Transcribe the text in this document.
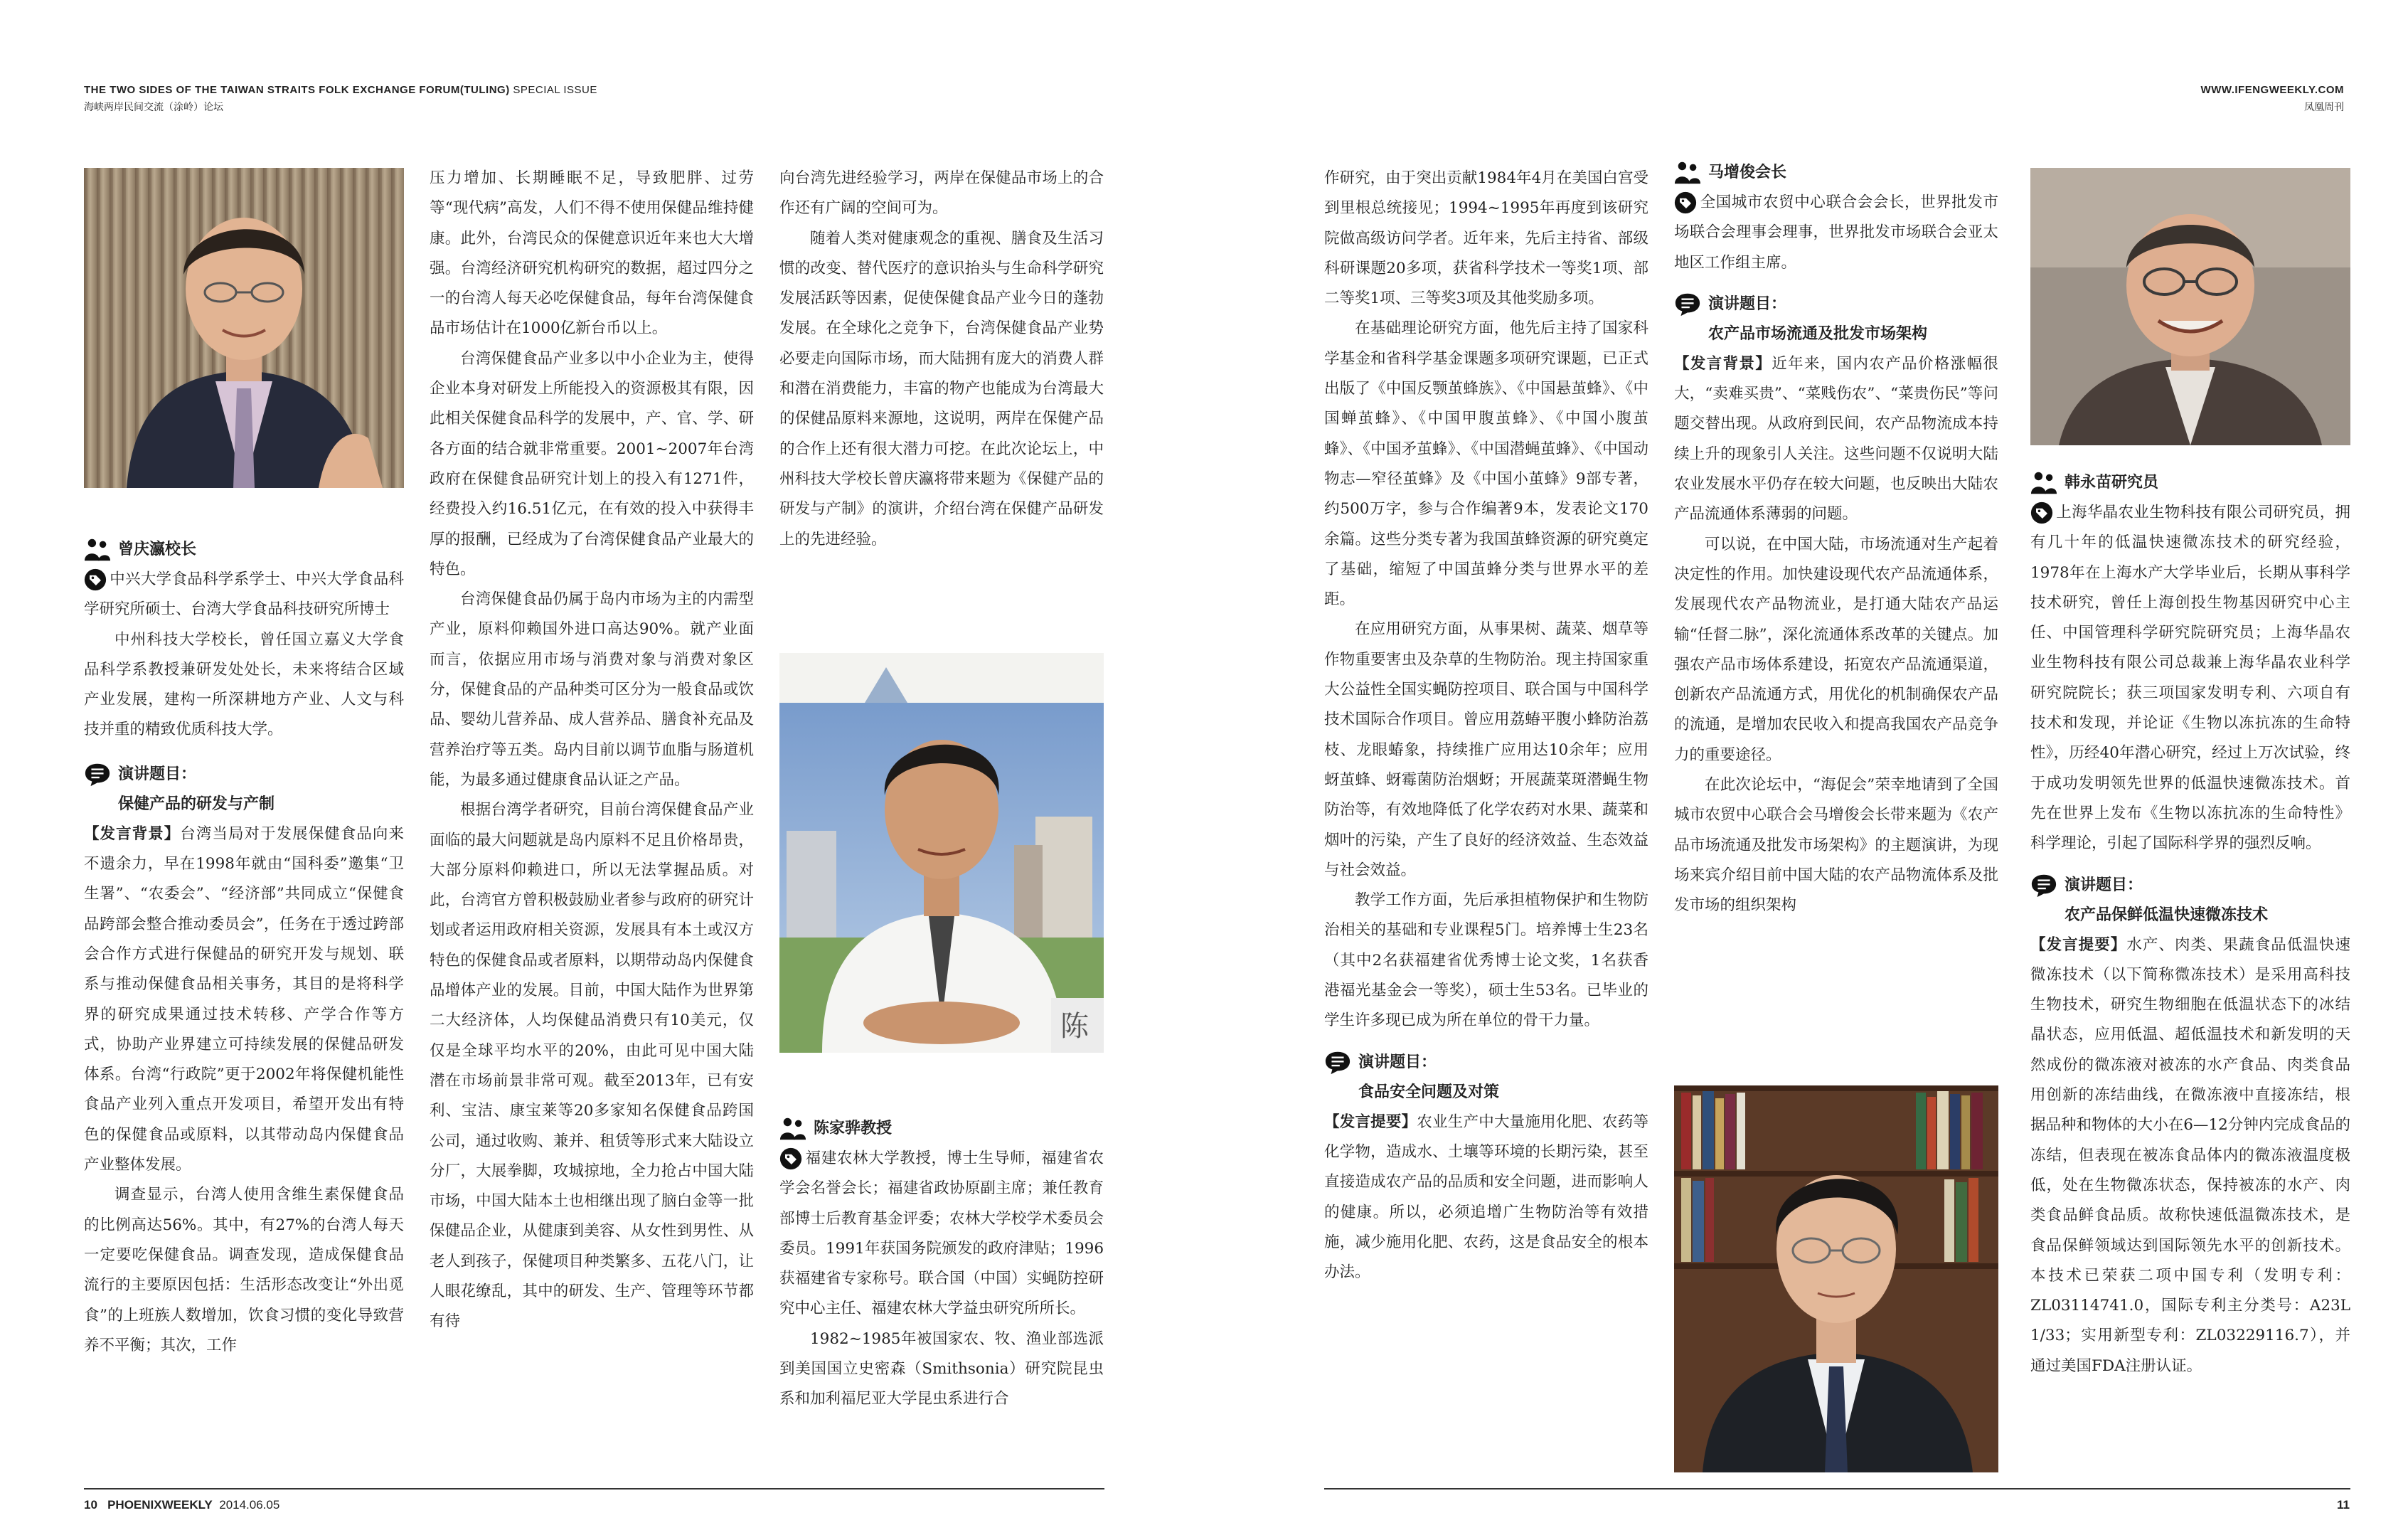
THE TWO SIDES OF THE TAIWAN STRAITS FOLK EXCHANGE FORUM(TULING) SPECIAL ISSUE
海峡两岸民间交流（涂岭）论坛
WWW.IFENGWEEKLY.COM
凤凰周刊
曾庆瀛校长

中兴大学食品科学系学士、中兴大学食品科学研究所硕士、台湾大学食品科技研究所博士

中州科技大学校长，曾任国立嘉义大学食品科学系教授兼研发处处长，未来将结合区域产业发展，建构一所深耕地方产业、人文与科技并重的精致优质科技大学。

演讲题目：
保健产品的研发与产制

【发言背景】台湾当局对于发展保健食品向来不遗余力，早在1998年就由“国科委”邀集“卫生署”、“农委会”、“经济部”共同成立“保健食品跨部会整合推动委员会”，任务在于透过跨部会合作方式进行保健品的研究开发与规划、联系与推动保健食品相关事务，其目的是将科学界的研究成果通过技术转移、产学合作等方式，协助产业界建立可持续发展的保健品研发体系。台湾“行政院”更于2002年将保健机能性食品产业列入重点开发项目，希望开发出有特色的保健食品或原料，以其带动岛内保健食品产业整体发展。

调查显示，台湾人使用含维生素保健食品的比例高达56%。其中，有27%的台湾人每天一定要吃保健食品。调查发现，造成保健食品流行的主要原因包括：生活形态改变让“外出觅食”的上班族人数增加，饮食习惯的变化导致营养不平衡；其次，工作

压力增加、长期睡眠不足，导致肥胖、过劳等“现代病”高发，人们不得不使用保健品维持健康。此外，台湾民众的保健意识近年来也大大增强。台湾经济研究机构研究的数据，超过四分之一的台湾人每天必吃保健食品，每年台湾保健食品市场估计在1000亿新台币以上。

台湾保健食品产业多以中小企业为主，使得企业本身对研发上所能投入的资源极其有限，因此相关保健食品科学的发展中，产、官、学、研各方面的结合就非常重要。2001~2007年台湾政府在保健食品研究计划上的投入有1271件，经费投入约16.51亿元，在有效的投入中获得丰厚的报酬，已经成为了台湾保健食品产业最大的特色。

台湾保健食品仍属于岛内市场为主的内需型产业，原料仰赖国外进口高达90%。就产业面而言，依据应用市场与消费对象与消费对象区分，保健食品的产品种类可区分为一般食品或饮品、婴幼儿营养品、成人营养品、膳食补充品及营养治疗等五类。岛内目前以调节血脂与肠道机能，为最多通过健康食品认证之产品。

根据台湾学者研究，目前台湾保健食品产业面临的最大问题就是岛内原料不足且价格昂贵，大部分原料仰赖进口，所以无法掌握品质。对此，台湾官方曾积极鼓励业者参与政府的研究计划或者运用政府相关资源，发展具有本土或汉方特色的保健食品或者原料，以期带动岛内保健食品增体产业的发展。目前，中国大陆作为世界第二大经济体，人均保健品消费只有10美元，仅仅是全球平均水平的20%，由此可见中国大陆潜在市场前景非常可观。截至2013年，已有安利、宝洁、康宝莱等20多家知名保健食品跨国公司，通过收购、兼并、租赁等形式来大陆设立分厂，大展拳脚，攻城掠地，全力抢占中国大陆市场，中国大陆本土也相继出现了脑白金等一批保健品企业，从健康到美容、从女性到男性、从老人到孩子，保健项目种类繁多、五花八门，让人眼花缭乱，其中的研发、生产、管理等环节都有待

向台湾先进经验学习，两岸在保健品市场上的合作还有广阔的空间可为。

随着人类对健康观念的重视、膳食及生活习惯的改变、替代医疗的意识抬头与生命科学研究发展活跃等因素，促使保健食品产业今日的蓬勃发展。在全球化之竞争下，台湾保健食品产业势必要走向国际市场，而大陆拥有庞大的消费人群和潜在消费能力，丰富的物产也能成为台湾最大的保健品原料来源地，这说明，两岸在保健产品的合作上还有很大潜力可挖。在此次论坛上，中州科技大学校长曾庆瀛将带来题为《保健产品的研发与产制》的演讲，介绍台湾在保健产品研发上的先进经验。

陈
陈家骅教授

福建农林大学教授，博士生导师，福建省农学会名誉会长；福建省政协原副主席；兼任教育部博士后教育基金评委；农林大学校学术委员会委员。1991年获国务院颁发的政府津贴；1996获福建省专家称号。联合国（中国）实蝇防控研究中心主任、福建农林大学益虫研究所所长。

1982~1985年被国家农、牧、渔业部选派到美国国立史密森（Smithsonia）研究院昆虫系和加利福尼亚大学昆虫系进行合

作研究，由于突出贡献1984年4月在美国白宫受到里根总统接见；1994~1995年再度到该研究院做高级访问学者。近年来，先后主持省、部级科研课题20多项，获省科学技术一等奖1项、部二等奖1项、三等奖3项及其他奖励多项。

在基础理论研究方面，他先后主持了国家科学基金和省科学基金课题多项研究课题，已正式出版了《中国反颚茧蜂族》、《中国悬茧蜂》、《中国蝉茧蜂》、《中国甲腹茧蜂》、《中国小腹茧蜂》、《中国矛茧蜂》、《中国潜蝇茧蜂》、《中国动物志—窄径茧蜂》及《中国小茧蜂》9部专著，约500万字，参与合作编著9本，发表论文170余篇。这些分类专著为我国茧蜂资源的研究奠定了基础，缩短了中国茧蜂分类与世界水平的差距。

在应用研究方面，从事果树、蔬菜、烟草等作物重要害虫及杂草的生物防治。现主持国家重大公益性全国实蝇防控项目、联合国与中国科学技术国际合作项目。曾应用荔蝽平腹小蜂防治荔枝、龙眼蝽象，持续推广应用达10余年；应用蚜茧蜂、蚜霉菌防治烟蚜；开展蔬菜斑潜蝇生物防治等，有效地降低了化学农药对水果、蔬菜和烟叶的污染，产生了良好的经济效益、生态效益与社会效益。

教学工作方面，先后承担植物保护和生物防治相关的基础和专业课程5门。培养博士生23名（其中2名获福建省优秀博士论文奖，1名获香港福光基金会一等奖），硕士生53名。已毕业的学生许多现已成为所在单位的骨干力量。

演讲题目：
食品安全问题及对策

【发言提要】农业生产中大量施用化肥、农药等化学物，造成水、土壤等环境的长期污染，甚至直接造成农产品的品质和安全问题，进而影响人的健康。所以，必须追增广生物防治等有效措施，减少施用化肥、农药，这是食品安全的根本办法。

马增俊会长

全国城市农贸中心联合会会长，世界批发市场联合会理事会理事，世界批发市场联合会亚太地区工作组主席。

演讲题目：
农产品市场流通及批发市场架构

【发言背景】近年来，国内农产品价格涨幅很大，“卖难买贵”、“菜贱伤农”、“菜贵伤民”等问题交替出现。从政府到民间，农产品物流成本持续上升的现象引人关注。这些问题不仅说明大陆农业发展水平仍存在较大问题，也反映出大陆农产品流通体系薄弱的问题。

可以说，在中国大陆，市场流通对生产起着决定性的作用。加快建设现代农产品流通体系，发展现代农产品物流业，是打通大陆农产品运输“任督二脉”，深化流通体系改革的关键点。加强农产品市场体系建设，拓宽农产品流通渠道，创新农产品流通方式，用优化的机制确保农产品的流通，是增加农民收入和提高我国农产品竞争力的重要途径。

在此次论坛中，“海促会”荣幸地请到了全国城市农贸中心联合会马增俊会长带来题为《农产品市场流通及批发市场架构》的主题演讲，为现场来宾介绍目前中国大陆的农产品物流体系及批发市场的组织架构

韩永苗研究员

上海华晶农业生物科技有限公司研究员，拥有几十年的低温快速微冻技术的研究经验，1978年在上海水产大学毕业后，长期从事科学技术研究，曾任上海创投生物基因研究中心主任、中国管理科学研究院研究员；上海华晶农业生物科技有限公司总裁兼上海华晶农业科学研究院院长；获三项国家发明专利、六项自有技术和发现，并论证《生物以冻抗冻的生命特性》，历经40年潜心研究，经过上万次试验，终于成功发明领先世界的低温快速微冻技术。首先在世界上发布《生物以冻抗冻的生命特性》科学理论，引起了国际科学界的强烈反响。

演讲题目：
农产品保鲜低温快速微冻技术

【发言提要】水产、肉类、果蔬食品低温快速微冻技术（以下简称微冻技术）是采用高科技生物技术，研究生物细胞在低温状态下的冰结晶状态，应用低温、超低温技术和新发明的天然成份的微冻液对被冻的水产食品、肉类食品用创新的冻结曲线，在微冻液中直接冻结，根据品种和物体的大小在6—12分钟内完成食品的冻结，但表现在被冻食品体内的微冻液温度极低，处在生物微冻状态，保持被冻的水产、肉类食品鲜食品质。故称快速低温微冻技术，是食品保鲜领域达到国际领先水平的创新技术。本技术已荣获二项中国专利（发明专利：ZL03114741.0，国际专利主分类号：A23L 1/33；实用新型专利：ZL03229116.7），并通过美国FDA注册认证。

10 PHOENIXWEEKLY 2014.06.05	11
